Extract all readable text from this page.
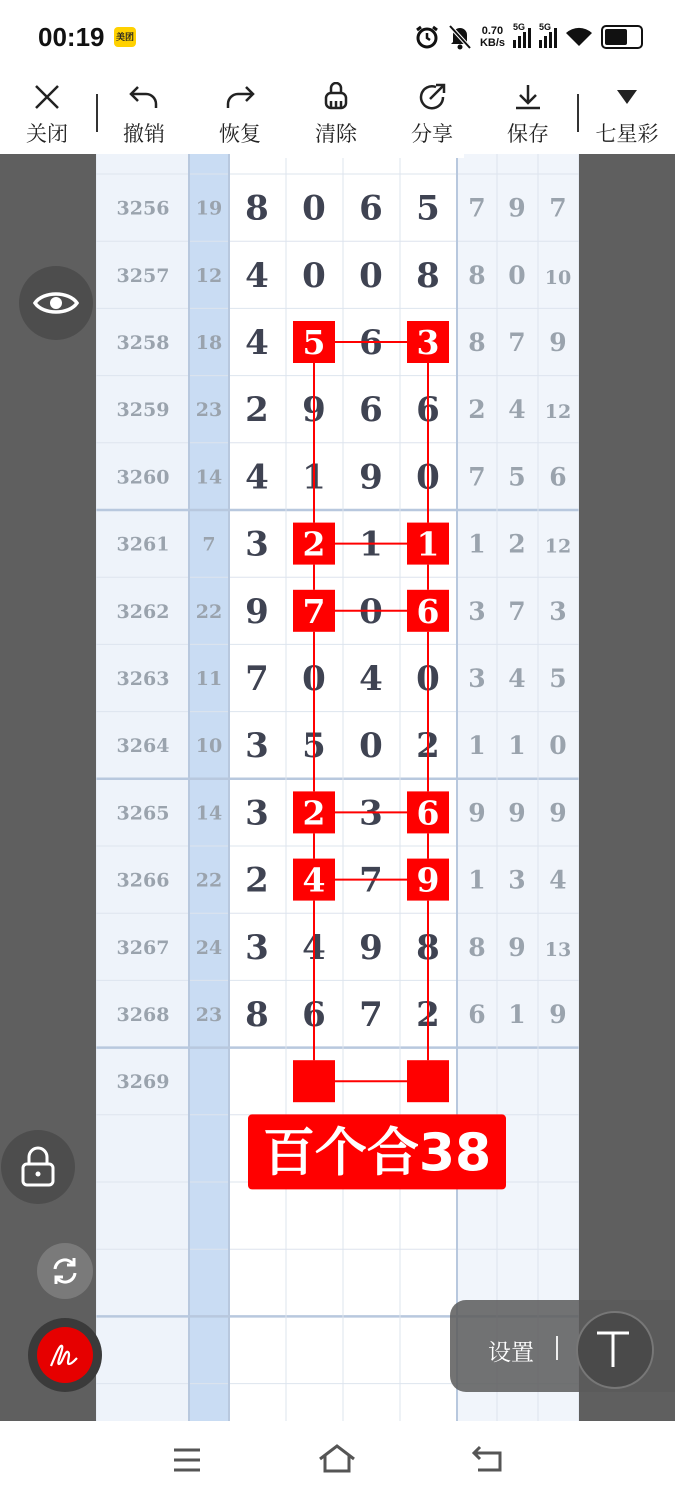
00:19 美团	0.70
KB/s
5G 5G
关闭	撤销	恢复	清除	分享	保存	七星彩
3256 19 8 0 6 5 7 9 7
3257 12 4 0 0 8 8 0 10
3258 18 4 5 6 3 8 7 9
3259 23 2 9 6 6 2 4 12
3260 14 4 1 9 0 7 5 6
3261 7 3 2 1 1 1 2 12
3262 22 9 7 0 6 3 7 3
3263 11 7 0 4 0 3 4 5
3264 10 3 5 0 2 1 1 0
3265 14 3 2 3 6 9 9 9
3266 22 2 4 7 9 1 3 4
3267 24 3 4 9 8 8 9 13
3268 23 8 6 7 2 6 1 9
3269
百个合38
设置
